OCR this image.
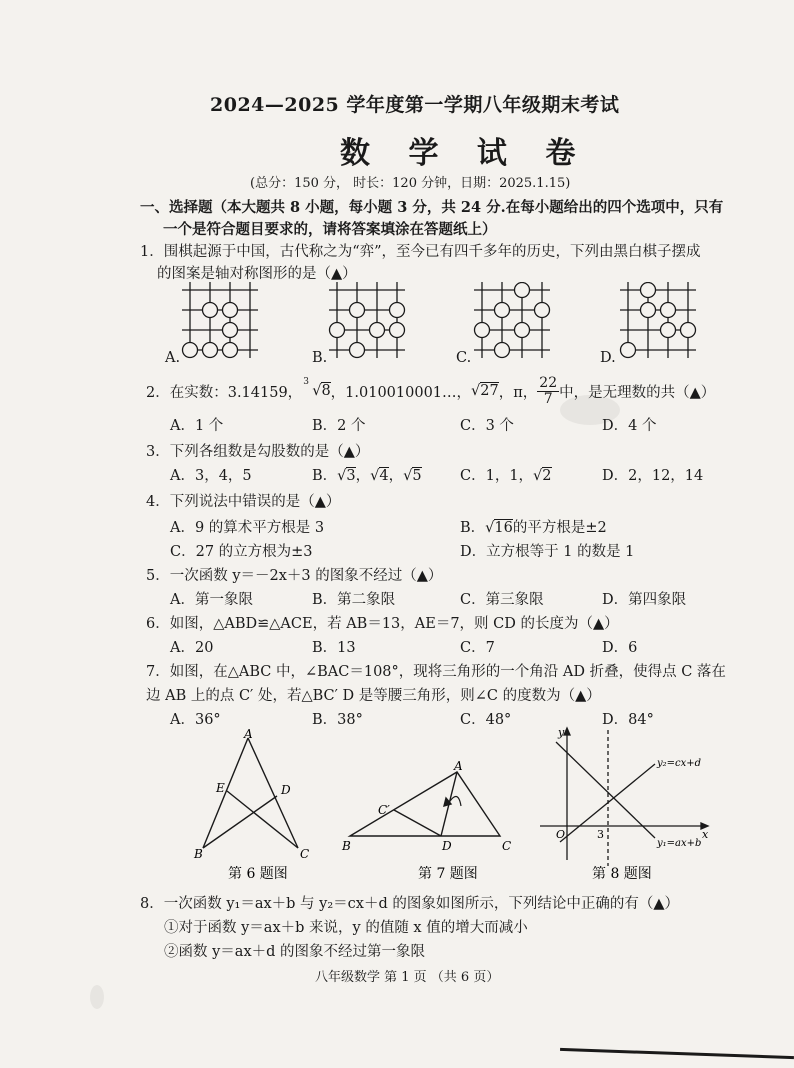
2024—2025 学年度第一学期八年级期末考试
数 学 试 卷
(总分：150 分， 时长：120 分钟，日期：2025.1.15)
一、选择题（本大题共 8 小题，每小题 3 分，共 24 分.在每小题给出的四个选项中，只有
一个是符合题目要求的，请将答案填涂在答题纸上）
1．围棋起源于中国，古代称之为“弈”，至今已有四千多年的历史，下列由黑白棋子摆成
的图案是轴对称图形的是（▲）
A.	B.	C.	D.
2．在实数：3.14159，
3
√8 ，1.010010001…， √27 ，π， $\frac{22}{7}$ 中，是无理数的共（▲）
A．1 个	B．2 个	C．3 个	D．4 个
3．下列各组数是勾股数的是（▲）
A．3，4，5	B．√3，√4，√5	C．1，1，√2	D．2，12，14
4．下列说法中错误的是（▲）
A．9 的算术平方根是 3	B．√16的平方根是±2
C．27 的立方根为±3	D．立方根等于 1 的数是 1
5．一次函数 y＝－2x＋3 的图象不经过（▲）
A．第一象限	B．第二象限	C．第三象限	D．第四象限
6．如图，△ABD≌△ACE，若 AB＝13，AE＝7，则 CD 的长度为（▲）
A．20	B．13	C．7	D．6
7．如图，在△ABC 中，∠BAC＝108°，现将三角形的一个角沿 AD 折叠，使得点 C 落在
边 AB 上的点 C′ 处，若△BC′ D 是等腰三角形，则∠C 的度数为（▲）
A．36°	B．38°	C．48°	D．84°
A
E	D
B	C
A
C′
B	D	C
y
x
O	3
y₂=cx+d
y₁=ax+b
第 6 题图	第 7 题图	第 8 题图
8．一次函数 y₁＝ax＋b 与 y₂＝cx＋d 的图象如图所示，下列结论中正确的有（▲）
①对于函数 y＝ax＋b 来说，y 的值随 x 值的增大而减小
②函数 y＝ax＋d 的图象不经过第一象限
八年级数学 第 1 页 （共 6 页）
